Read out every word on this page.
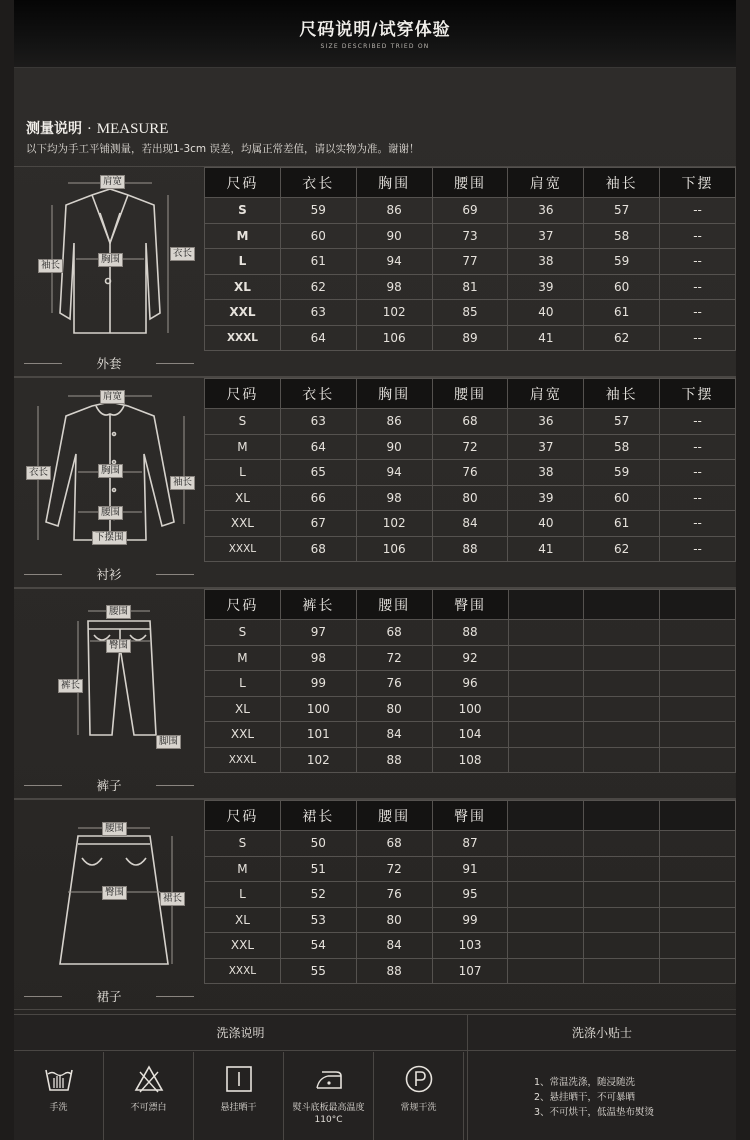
尺码说明/试穿体验
SIZE DESCRIBED TRIED ON
测量说明 · MEASURE
以下均为手工平铺测量，若出现1-3cm 误差，均属正常差值，请以实物为准。谢谢！
肩宽
袖长
胸围
衣长
外套
尺码	衣长	胸围	腰围	肩宽	袖长	下摆
S	59	86	69	36	57	--
M	60	90	73	37	58	--
L	61	94	77	38	59	--
XL	62	98	81	39	60	--
XXL	63	102	85	40	61	--
XXXL	64	106	89	41	62	--
肩宽
衣长	胸围
袖长
腰围
下摆围
衬衫
尺码	衣长	胸围	腰围	肩宽	袖长	下摆
S	63	86	68	36	57	--
M	64	90	72	37	58	--
L	65	94	76	38	59	--
XL	66	98	80	39	60	--
XXL	67	102	84	40	61	--
XXXL	68	106	88	41	62	--
腰围
臀围
裤长
脚围
裤子
尺码	裤长	腰围	臀围			
S	97	68	88			
M	98	72	92			
L	99	76	96			
XL	100	80	100			
XXL	101	84	104			
XXXL	102	88	108			
腰围
臀围
裙长
裙子
尺码	裙长	腰围	臀围			
S	50	68	87			
M	51	72	91			
L	52	76	95			
XL	53	80	99			
XXL	54	84	103			
XXXL	55	88	107			
洗涤说明	洗涤小贴士
手洗	不可漂白	悬挂晒干	熨斗底板最高温度110°C
常规干洗
1、常温洗涤，随浸随洗
2、悬挂晒干，不可暴晒
3、不可烘干，低温垫布熨烫
